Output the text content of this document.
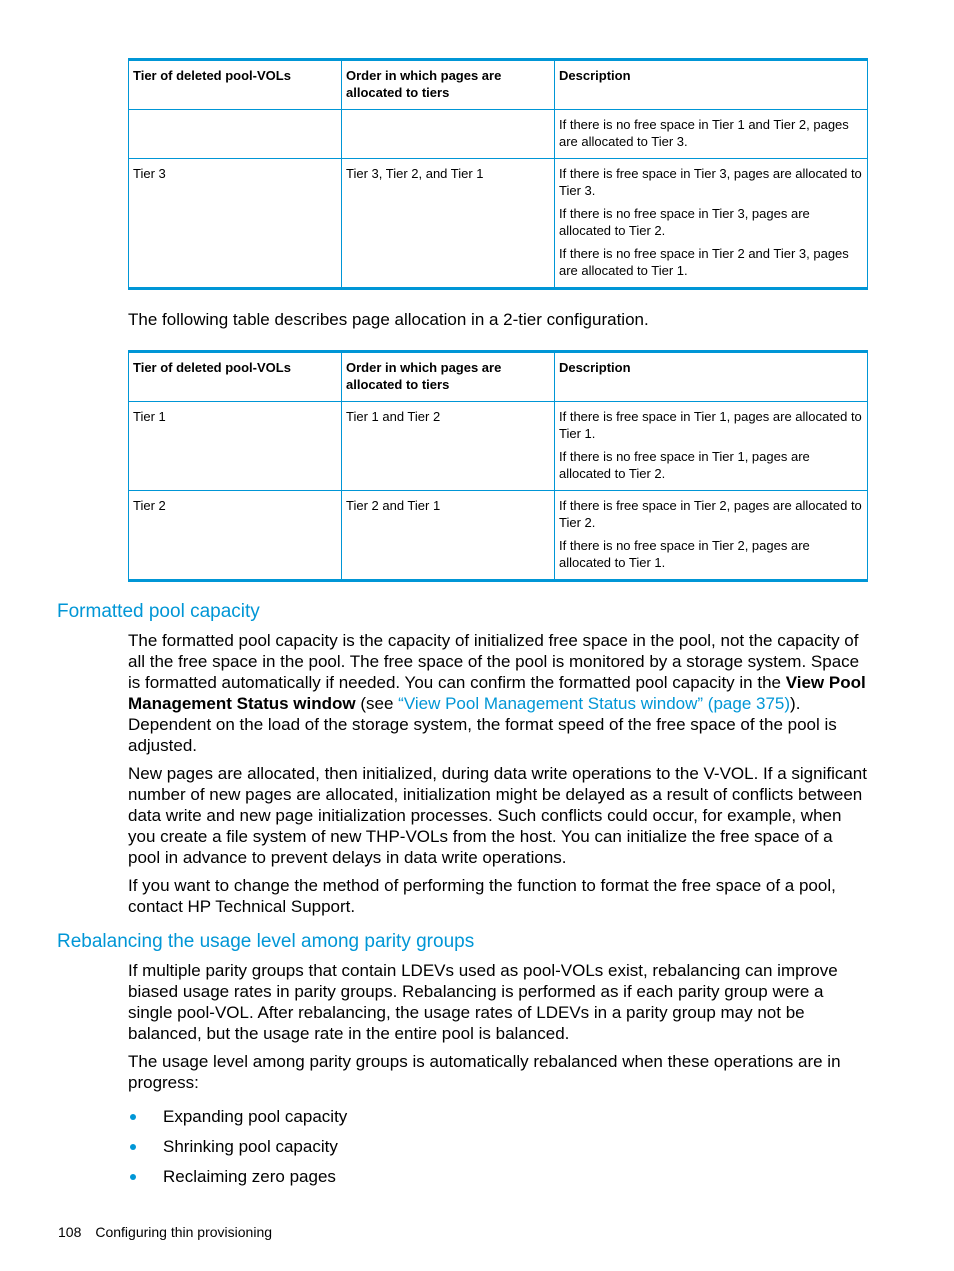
Tier of deleted pool-VOLs	Order in which pages are allocated to tiers	Description

		If there is no free space in Tier 1 and Tier 2, pages are allocated to Tier 3.

Tier 3	Tier 3, Tier 2, and Tier 1	If there is free space in Tier 3, pages are allocated to Tier 3.

If there is no free space in Tier 3, pages are allocated to Tier 2.

If there is no free space in Tier 2 and Tier 3, pages are allocated to Tier 1.

The following table describes page allocation in a 2-tier configuration.

Tier of deleted pool-VOLs	Order in which pages are allocated to tiers	Description
Tier 1	Tier 1 and Tier 2	If there is free space in Tier 1, pages are allocated to Tier 1.

If there is no free space in Tier 1, pages are allocated to Tier 2.

Tier 2	Tier 2 and Tier 1	If there is free space in Tier 2, pages are allocated to Tier 2.

If there is no free space in Tier 2, pages are allocated to Tier 1.

Formatted pool capacity

The formatted pool capacity is the capacity of initialized free space in the pool, not the capacity of all the free space in the pool. The free space of the pool is monitored by a storage system. Space is formatted automatically if needed. You can confirm the formatted pool capacity in the View Pool Management Status window (see “View Pool Management Status window” (page 375)). Dependent on the load of the storage system, the format speed of the free space of the pool is adjusted.

New pages are allocated, then initialized, during data write operations to the V-VOL. If a significant number of new pages are allocated, initialization might be delayed as a result of conflicts between data write and new page initialization processes. Such conflicts could occur, for example, when you create a file system of new THP-VOLs from the host. You can initialize the free space of a pool in advance to prevent delays in data write operations.

If you want to change the method of performing the function to format the free space of a pool, contact HP Technical Support.

Rebalancing the usage level among parity groups

If multiple parity groups that contain LDEVs used as pool-VOLs exist, rebalancing can improve biased usage rates in parity groups. Rebalancing is performed as if each parity group were a single pool-VOL. After rebalancing, the usage rates of LDEVs in a parity group may not be balanced, but the usage rate in the entire pool is balanced.

The usage level among parity groups is automatically rebalanced when these operations are in progress:

Expanding pool capacity
Shrinking pool capacity
Reclaiming zero pages
108 Configuring thin provisioning
